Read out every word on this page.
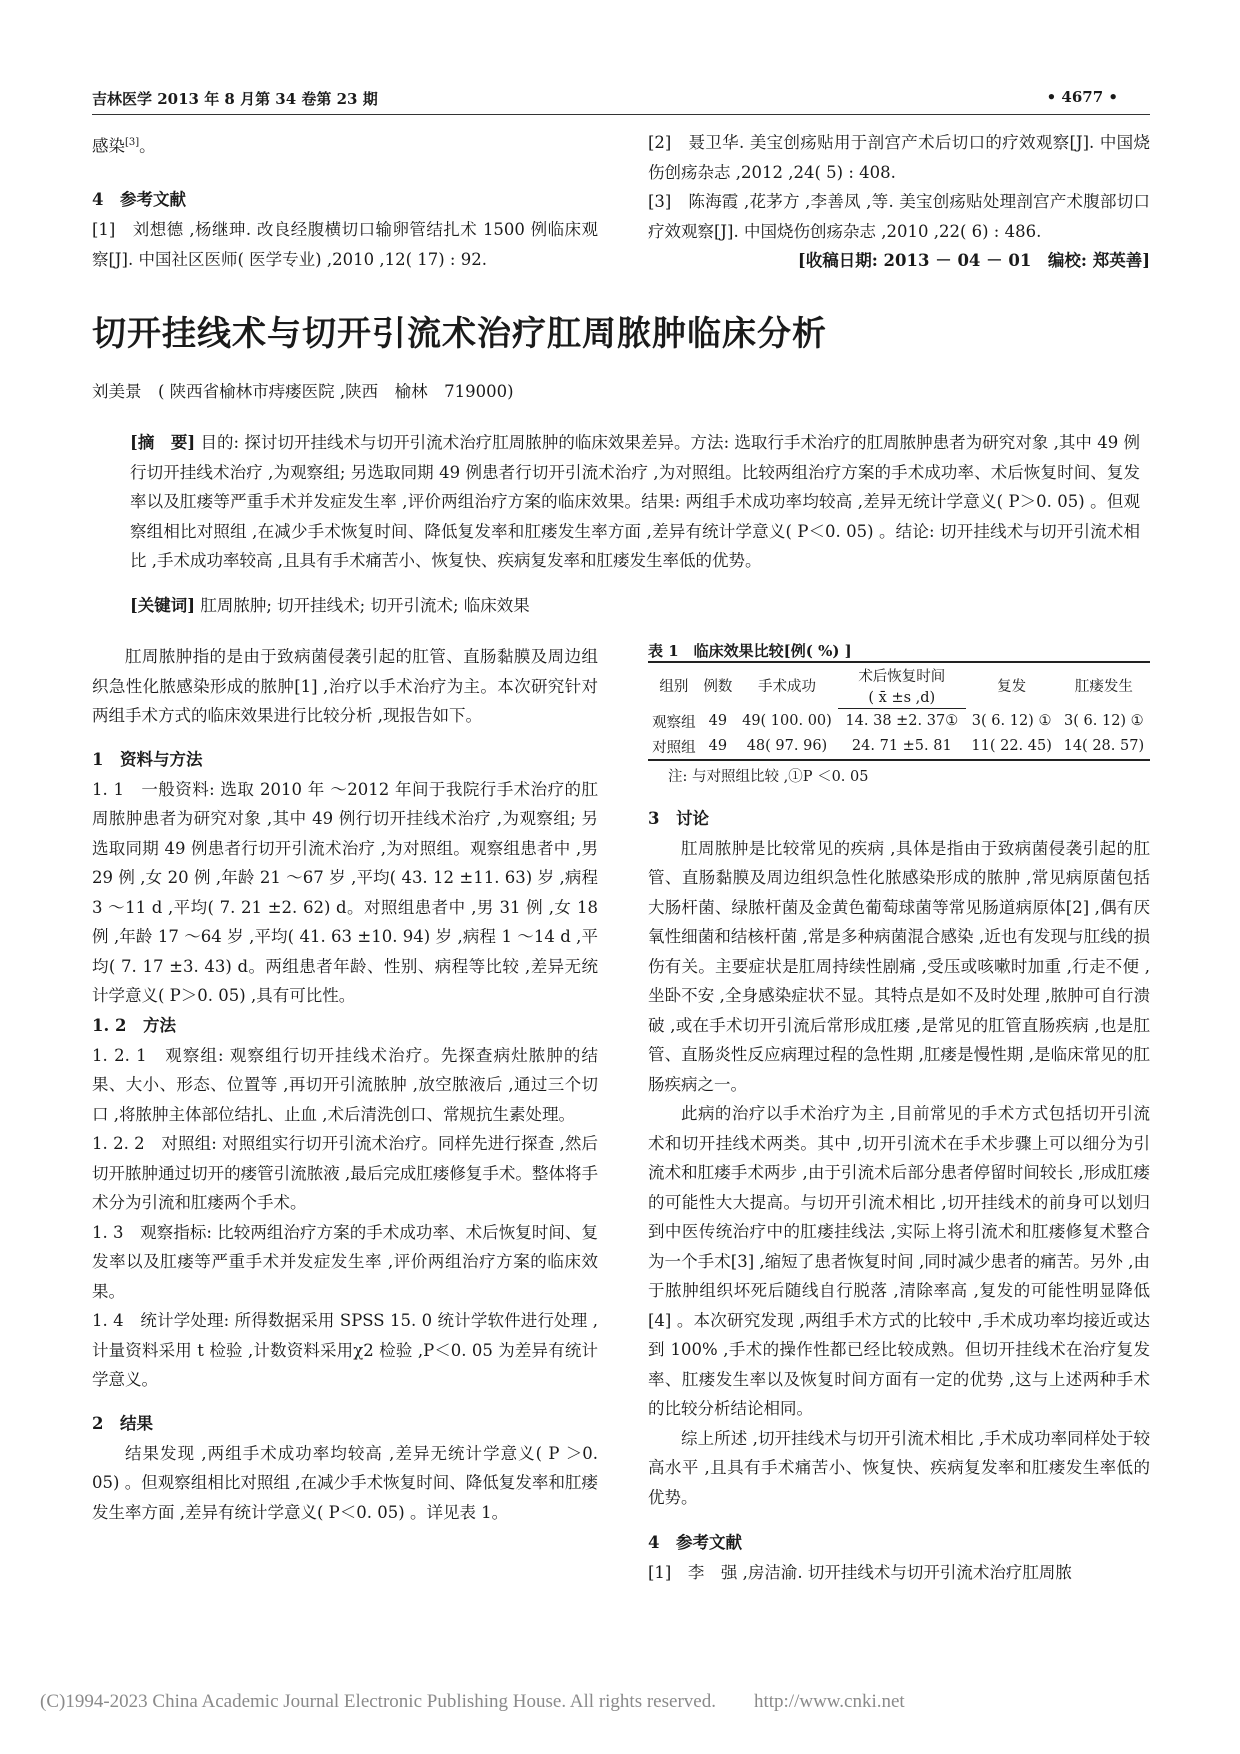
吉林医学 2013 年 8 月第 34 卷第 23 期	• 4677 •

感染[3]。

4　参考文献

[1]　刘想德 ,杨继珅. 改良经腹横切口输卵管结扎术 1500 例临床观察[J]. 中国社区医师( 医学专业) ,2010 ,12( 17) : 92.

[2]　聂卫华. 美宝创疡贴用于剖宫产术后切口的疗效观察[J]. 中国烧伤创疡杂志 ,2012 ,24( 5) : 408.

[3]　陈海霞 ,花茅方 ,李善凤 ,等. 美宝创疡贴处理剖宫产术腹部切口疗效观察[J]. 中国烧伤创疡杂志 ,2010 ,22( 6) : 486.

[收稿日期: 2013 － 04 － 01　编校: 郑英善]

切开挂线术与切开引流术治疗肛周脓肿临床分析
刘美景　( 陕西省榆林市痔瘘医院 ,陕西　榆林　719000)
[摘　要] 目的: 探讨切开挂线术与切开引流术治疗肛周脓肿的临床效果差异。方法: 选取行手术治疗的肛周脓肿患者为研究对象 ,其中 49 例行切开挂线术治疗 ,为观察组; 另选取同期 49 例患者行切开引流术治疗 ,为对照组。比较两组治疗方案的手术成功率、术后恢复时间、复发率以及肛瘘等严重手术并发症发生率 ,评价两组治疗方案的临床效果。结果: 两组手术成功率均较高 ,差异无统计学意义( P＞0. 05) 。但观察组相比对照组 ,在减少手术恢复时间、降低复发率和肛瘘发生率方面 ,差异有统计学意义( P＜0. 05) 。结论: 切开挂线术与切开引流术相比 ,手术成功率较高 ,且具有手术痛苦小、恢复快、疾病复发率和肛瘘发生率低的优势。
[关键词] 肛周脓肿; 切开挂线术; 切开引流术; 临床效果

肛周脓肿指的是由于致病菌侵袭引起的肛管、直肠黏膜及周边组织急性化脓感染形成的脓肿[1] ,治疗以手术治疗为主。本次研究针对两组手术方式的临床效果进行比较分析 ,现报告如下。

1　资料与方法

1. 1　一般资料: 选取 2010 年 ～2012 年间于我院行手术治疗的肛周脓肿患者为研究对象 ,其中 49 例行切开挂线术治疗 ,为观察组; 另选取同期 49 例患者行切开引流术治疗 ,为对照组。观察组患者中 ,男 29 例 ,女 20 例 ,年龄 21 ～67 岁 ,平均( 43. 12 ±11. 63) 岁 ,病程 3 ～11 d ,平均( 7. 21 ±2. 62) d。对照组患者中 ,男 31 例 ,女 18 例 ,年龄 17 ～64 岁 ,平均( 41. 63 ±10. 94) 岁 ,病程 1 ～14 d ,平均( 7. 17 ±3. 43) d。两组患者年龄、性别、病程等比较 ,差异无统计学意义( P＞0. 05) ,具有可比性。

1. 2　方法

1. 2. 1　观察组: 观察组行切开挂线术治疗。先探查病灶脓肿的结果、大小、形态、位置等 ,再切开引流脓肿 ,放空脓液后 ,通过三个切口 ,将脓肿主体部位结扎、止血 ,术后清洗创口、常规抗生素处理。

1. 2. 2　对照组: 对照组实行切开引流术治疗。同样先进行探查 ,然后切开脓肿通过切开的瘘管引流脓液 ,最后完成肛瘘修复手术。整体将手术分为引流和肛瘘两个手术。

1. 3　观察指标: 比较两组治疗方案的手术成功率、术后恢复时间、复发率以及肛瘘等严重手术并发症发生率 ,评价两组治疗方案的临床效果。

1. 4　统计学处理: 所得数据采用 SPSS 15. 0 统计学软件进行处理 ,计量资料采用 t 检验 ,计数资料采用χ2 检验 ,P＜0. 05 为差异有统计学意义。

2　结果

结果发现 ,两组手术成功率均较高 ,差异无统计学意义( P ＞0. 05) 。但观察组相比对照组 ,在减少手术恢复时间、降低复发率和肛瘘发生率方面 ,差异有统计学意义( P＜0. 05) 。详见表 1。

表 1　临床效果比较[例( %) ]
组别	例数	手术成功	术后恢复时间	复发	肛瘘发生
			( x̄ ±s ,d)		
观察组	49	49( 100. 00)	14. 38 ±2. 37①	3( 6. 12) ①	3( 6. 12) ①
对照组	49	48( 97. 96)	24. 71 ±5. 81	11( 22. 45)	14( 28. 57)
注: 与对照组比较 ,①P ＜0. 05

3　讨论

肛周脓肿是比较常见的疾病 ,具体是指由于致病菌侵袭引起的肛管、直肠黏膜及周边组织急性化脓感染形成的脓肿 ,常见病原菌包括大肠杆菌、绿脓杆菌及金黄色葡萄球菌等常见肠道病原体[2] ,偶有厌氧性细菌和结核杆菌 ,常是多种病菌混合感染 ,近也有发现与肛线的损伤有关。主要症状是肛周持续性剧痛 ,受压或咳嗽时加重 ,行走不便 ,坐卧不安 ,全身感染症状不显。其特点是如不及时处理 ,脓肿可自行溃破 ,或在手术切开引流后常形成肛瘘 ,是常见的肛管直肠疾病 ,也是肛管、直肠炎性反应病理过程的急性期 ,肛瘘是慢性期 ,是临床常见的肛肠疾病之一。

此病的治疗以手术治疗为主 ,目前常见的手术方式包括切开引流术和切开挂线术两类。其中 ,切开引流术在手术步骤上可以细分为引流术和肛瘘手术两步 ,由于引流术后部分患者停留时间较长 ,形成肛瘘的可能性大大提高。与切开引流术相比 ,切开挂线术的前身可以划归到中医传统治疗中的肛瘘挂线法 ,实际上将引流术和肛瘘修复术整合为一个手术[3] ,缩短了患者恢复时间 ,同时减少患者的痛苦。另外 ,由于脓肿组织坏死后随线自行脱落 ,清除率高 ,复发的可能性明显降低[4] 。本次研究发现 ,两组手术方式的比较中 ,手术成功率均接近或达到 100% ,手术的操作性都已经比较成熟。但切开挂线术在治疗复发率、肛瘘发生率以及恢复时间方面有一定的优势 ,这与上述两种手术的比较分析结论相同。

综上所述 ,切开挂线术与切开引流术相比 ,手术成功率同样处于较高水平 ,且具有手术痛苦小、恢复快、疾病复发率和肛瘘发生率低的优势。

4　参考文献

[1]　李　强 ,房洁渝. 切开挂线术与切开引流术治疗肛周脓

(C)1994-2023 China Academic Journal Electronic Publishing House. All rights reserved.　　http://www.cnki.net
